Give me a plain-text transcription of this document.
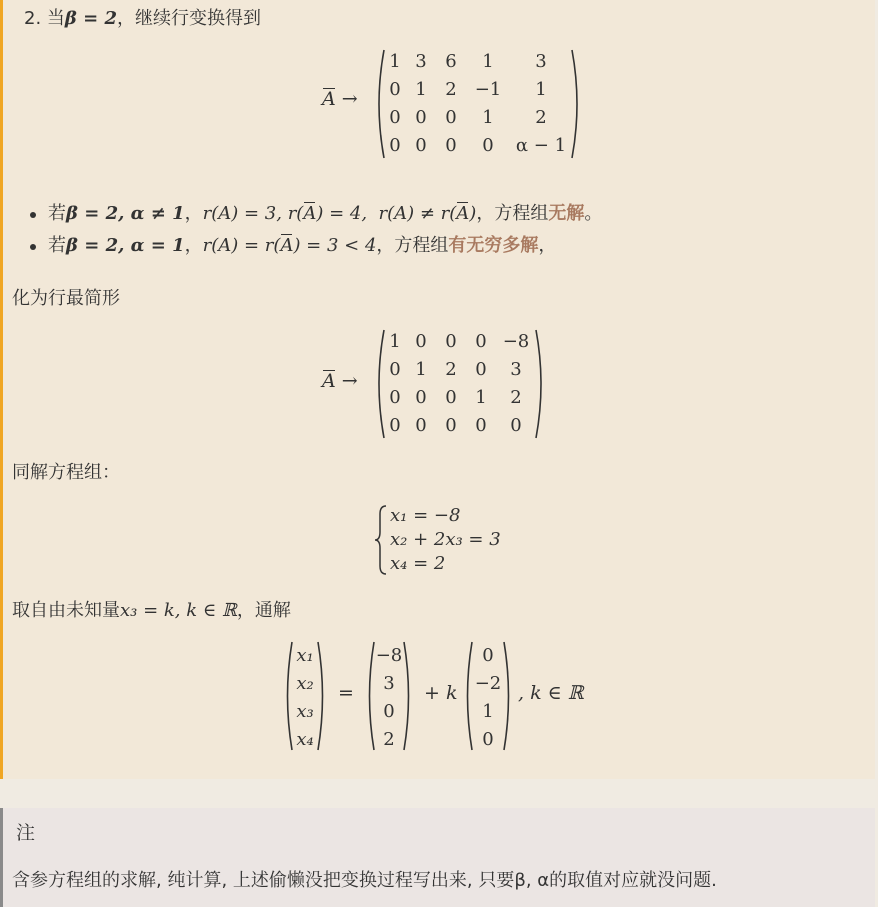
2. 当β = 2，继续行变换得到
A →
1	3	6	1	3
0	1	2	−1	1
0	0	0	1	2
0	0	0	0	α − 1
若β = 2, α ≠ 1，r(A) = 3, r(A) = 4,  r(A) ≠ r(A)，方程组无解。
若β = 2, α = 1，r(A) = r(A) = 3 < 4，方程组有无穷多解，
化为行最简形
A →
1	0	0	0	−8
0	1	2	0	3
0	0	0	1	2
0	0	0	0	0
同解方程组：
x₁ = −8
x₂ + 2x₃ = 3
x₄ = 2
取自由未知量x₃ = k, k ∈ ℝ，通解
x₁
x₂
x₃
x₄
=
−8
3
0
2
+ k
0
−2
1
0
, k ∈ ℝ
注
含参方程组的求解, 纯计算, 上述偷懒没把变换过程写出来, 只要β, α的取值对应就没问题.
